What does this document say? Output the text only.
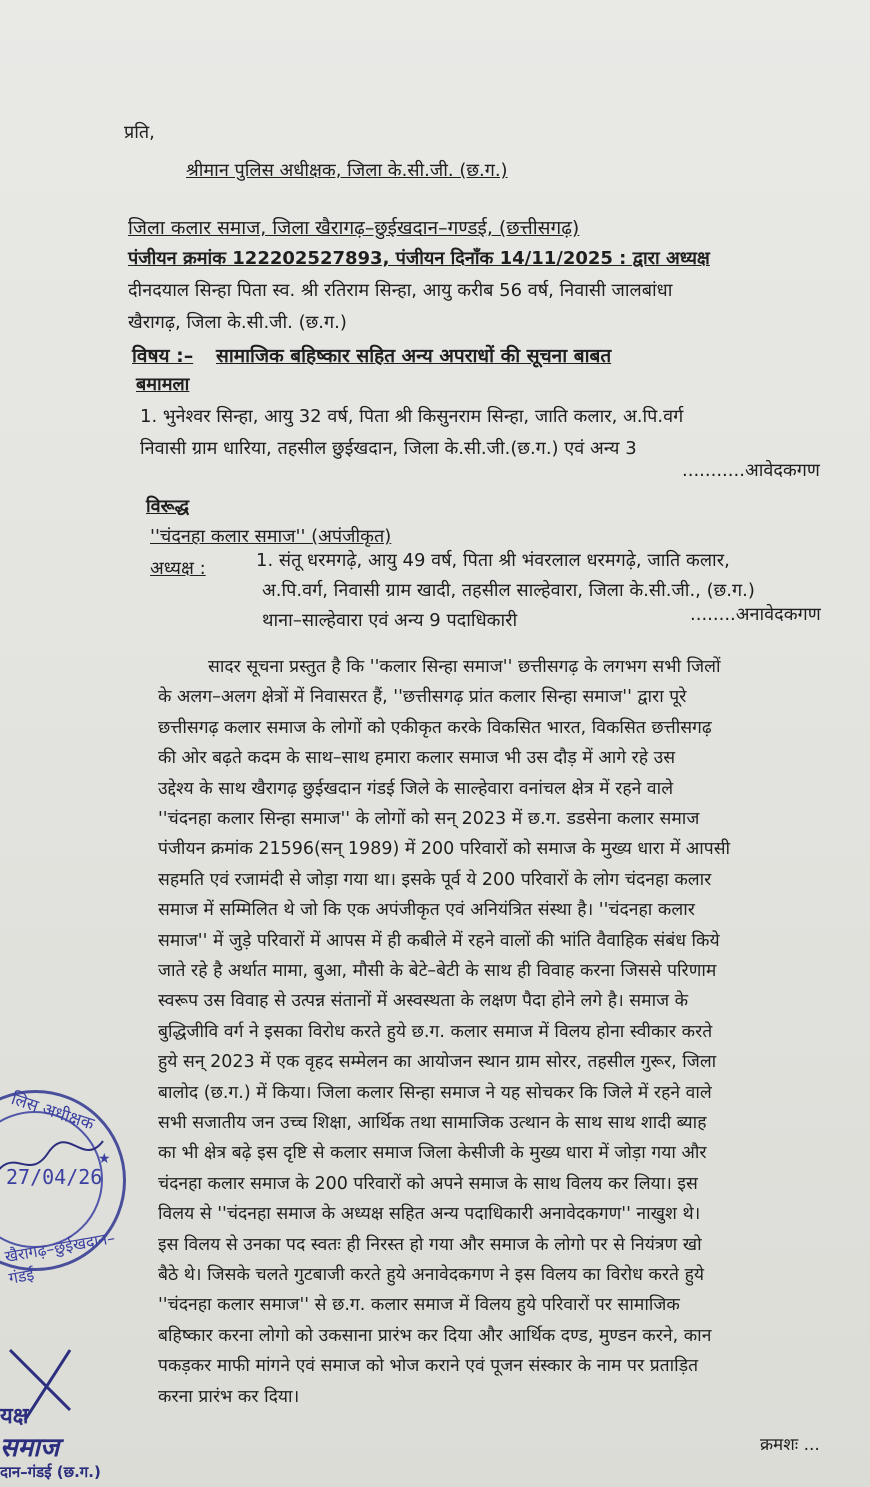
प्रति,
श्रीमान पुलिस अधीक्षक, जिला के.सी.जी. (छ.ग.)
जिला कलार समाज, जिला खैरागढ़–छुईखदान–गण्डई, (छत्तीसगढ़)
पंजीयन क्रमांक 122202527893, पंजीयन दिनाँक 14/11/2025 : द्वारा अध्यक्ष
दीनदयाल सिन्हा पिता स्व. श्री रतिराम सिन्हा, आयु करीब 56 वर्ष, निवासी जालबांधा
खैरागढ़, जिला के.सी.जी. (छ.ग.)
विषय :– सामाजिक बहिष्कार सहित अन्य अपराधों की सूचना बाबत
बमामला
1. भुनेश्वर सिन्हा, आयु 32 वर्ष, पिता श्री किसुनराम सिन्हा, जाति कलार, अ.पि.वर्ग
निवासी ग्राम धारिया, तहसील छुईखदान, जिला के.सी.जी.(छ.ग.) एवं अन्य 3
...........आवेदकगण
विरूद्ध
''चंदनहा कलार समाज'' (अपंजीकृत)
अध्यक्ष :	1. संतू धरमगढ़े, आयु 49 वर्ष, पिता श्री भंवरलाल धरमगढ़े, जाति कलार,
अ.पि.वर्ग, निवासी ग्राम खादी, तहसील साल्हेवारा, जिला के.सी.जी., (छ.ग.)
थाना–साल्हेवारा एवं अन्य 9 पदाधिकारी	........अनावेदकगण
सादर सूचना प्रस्तुत है कि ''कलार सिन्हा समाज'' छत्तीसगढ़ के लगभग सभी जिलों
के अलग–अलग क्षेत्रों में निवासरत हैं, ''छत्तीसगढ़ प्रांत कलार सिन्हा समाज'' द्वारा पूरे
छत्तीसगढ़ कलार समाज के लोगों को एकीकृत करके विकसित भारत, विकसित छत्तीसगढ़
की ओर बढ़ते कदम के साथ–साथ हमारा कलार समाज भी उस दौड़ में आगे रहे उस
उद्देश्य के साथ खैरागढ़ छुईखदान गंडई जिले के साल्हेवारा वनांचल क्षेत्र में रहने वाले
''चंदनहा कलार सिन्हा समाज'' के लोगों को सन् 2023 में छ.ग. डडसेना कलार समाज
पंजीयन क्रमांक 21596(सन् 1989) में 200 परिवारों को समाज के मुख्य धारा में आपसी
सहमति एवं रजामंदी से जोड़ा गया था। इसके पूर्व ये 200 परिवारों के लोग चंदनहा कलार
समाज में सम्मिलित थे जो कि एक अपंजीकृत एवं अनियंत्रित संस्था है। ''चंदनहा कलार
समाज'' में जुड़े परिवारों में आपस में ही कबीले में रहने वालों की भांति वैवाहिक संबंध किये
जाते रहे है अर्थात मामा, बुआ, मौसी के बेटे–बेटी के साथ ही विवाह करना जिससे परिणाम
स्वरूप उस विवाह से उत्पन्न संतानों में अस्वस्थता के लक्षण पैदा होने लगे है। समाज के
बुद्धिजीवि वर्ग ने इसका विरोध करते हुये छ.ग. कलार समाज में विलय होना स्वीकार करते
हुये सन् 2023 में एक वृहद सम्मेलन का आयोजन स्थान ग्राम सोरर, तहसील गुरूर, जिला
बालोद (छ.ग.) में किया। जिला कलार सिन्हा समाज ने यह सोचकर कि जिले में रहने वाले
सभी सजातीय जन उच्च शिक्षा, आर्थिक तथा सामाजिक उत्थान के साथ साथ शादी ब्याह
का भी क्षेत्र बढ़े इस दृष्टि से कलार समाज जिला केसीजी के मुख्य धारा में जोड़ा गया और
चंदनहा कलार समाज के 200 परिवारों को अपने समाज के साथ विलय कर लिया। इस
विलय से ''चंदनहा समाज के अध्यक्ष सहित अन्य पदाधिकारी अनावेदकगण'' नाखुश थे।
इस विलय से उनका पद स्वतः ही निरस्त हो गया और समाज के लोगो पर से नियंत्रण खो
बैठे थे। जिसके चलते गुटबाजी करते हुये अनावेदकगण ने इस विलय का विरोध करते हुये
''चंदनहा कलार समाज'' से छ.ग. कलार समाज में विलय हुये परिवारों पर सामाजिक
बहिष्कार करना लोगो को उकसाना प्रारंभ कर दिया और आर्थिक दण्ड, मुण्डन करने, कान
पकड़कर माफी मांगने एवं समाज को भोज कराने एवं पूजन संस्कार के नाम पर प्रताड़ित
करना प्रारंभ कर दिया।
क्रमशः ...
लिस अधीक्षक
27/04/26
खैरागढ़–छुईखदान–गंडई
★
यक्ष
समाज
दान–गंडई (छ.ग.)
